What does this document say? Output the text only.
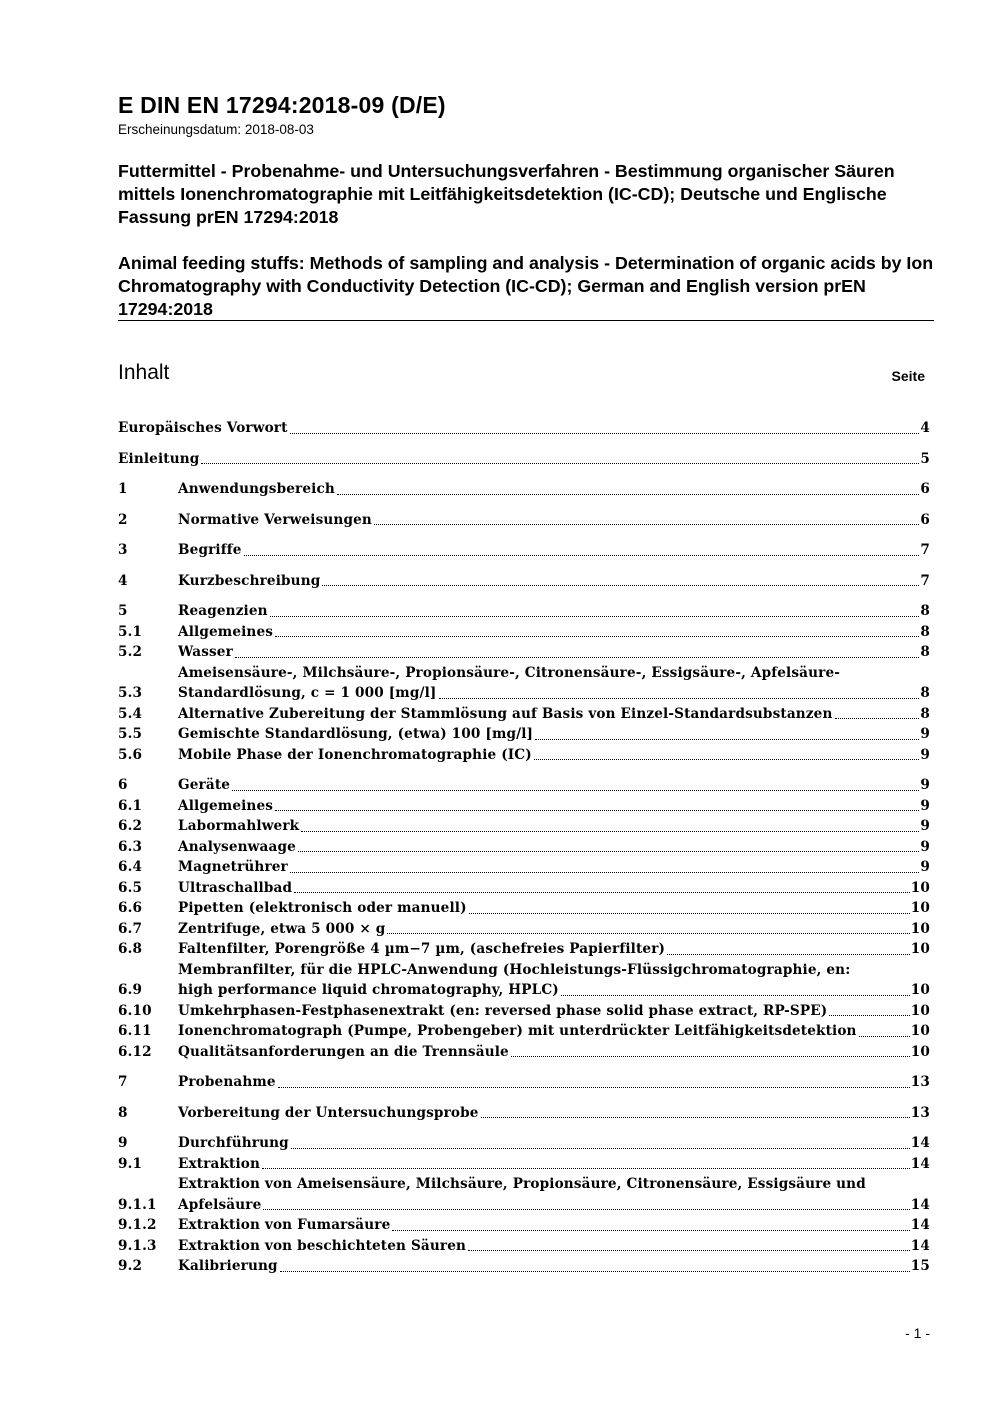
E DIN EN 17294:2018-09 (D/E)
Erscheinungsdatum: 2018-08-03
Futtermittel - Probenahme- und Untersuchungsverfahren - Bestimmung organischer Säuren mittels Ionenchromatographie mit Leitfähigkeitsdetektion (IC-CD); Deutsche und Englische Fassung prEN 17294:2018
Animal feeding stuffs: Methods of sampling and analysis - Determination of organic acids by Ion Chromatography with Conductivity Detection (IC-CD); German and English version prEN 17294:2018
Inhalt	Seite
Europäisches Vorwort	4
Einleitung	5
1	Anwendungsbereich	6
2	Normative Verweisungen	6
3	Begriffe	7
4	Kurzbeschreibung	7
5	Reagenzien	8
5.1	Allgemeines	8
5.2	Wasser	8
5.3
Ameisensäure-, Milchsäure-, Propionsäure-, Citronensäure-, Essigsäure-, Apfelsäure-
Standardlösung, c = 1 000 [mg/l]	8
5.4	Alternative Zubereitung der Stammlösung auf Basis von Einzel-Standardsubstanzen	8
5.5	Gemischte Standardlösung, (etwa) 100 [mg/l]	9
5.6	Mobile Phase der Ionenchromatographie (IC)	9
6	Geräte	9
6.1	Allgemeines	9
6.2	Labormahlwerk	9
6.3	Analysenwaage	9
6.4	Magnetrührer	9
6.5	Ultraschallbad	10
6.6	Pipetten (elektronisch oder manuell)	10
6.7	Zentrifuge, etwa 5 000 × g	10
6.8	Faltenfilter, Porengröße 4 µm−7 µm, (aschefreies Papierfilter)	10
6.9
Membranfilter, für die HPLC-Anwendung (Hochleistungs-Flüssigchromatographie, en:
high performance liquid chromatography, HPLC)	10
6.10	Umkehrphasen-Festphasenextrakt (en: reversed phase solid phase extract, RP-SPE)	10
6.11	Ionenchromatograph (Pumpe, Probengeber) mit unterdrückter Leitfähigkeitsdetektion	10
6.12	Qualitätsanforderungen an die Trennsäule	10
7	Probenahme	13
8	Vorbereitung der Untersuchungsprobe	13
9	Durchführung	14
9.1	Extraktion	14
9.1.1
Extraktion von Ameisensäure, Milchsäure, Propionsäure, Citronensäure, Essigsäure und
Apfelsäure	14
9.1.2	Extraktion von Fumarsäure	14
9.1.3	Extraktion von beschichteten Säuren	14
9.2	Kalibrierung	15
- 1 -
